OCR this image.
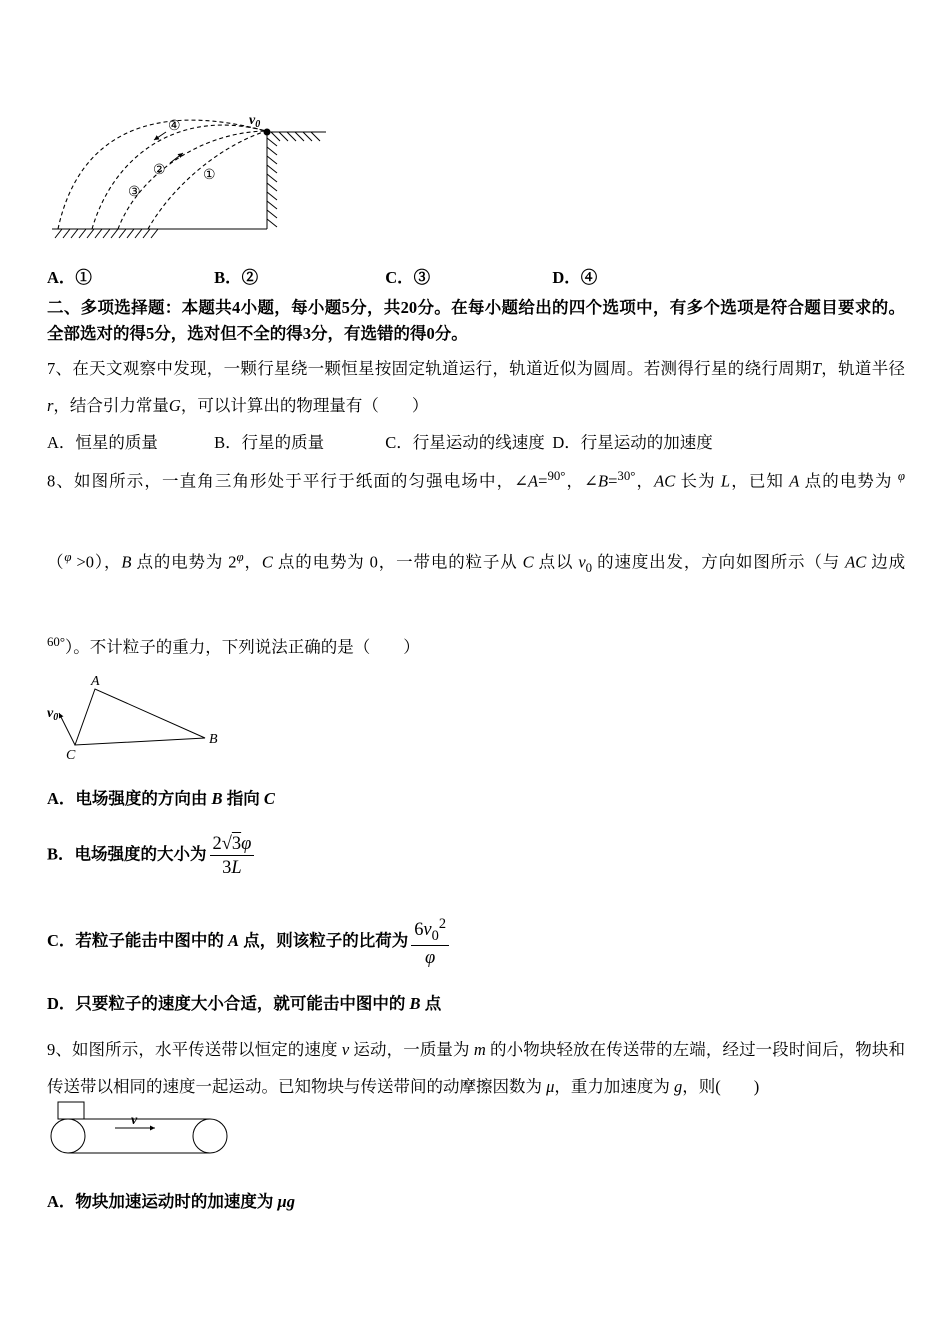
④
②
③
①
$v_0$
A．①	B．②	C．③	D．④
二、多项选择题：本题共4小题，每小题5分，共20分。在每小题给出的四个选项中，有多个选项是符合题目要求的。
全部选对的得5分，选对但不全的得3分，有选错的得0分。
7、在天文观察中发现，一颗行星绕一颗恒星按固定轨道运行，轨道近似为圆周。若测得行星的绕行周期T，轨道半径
r，结合引力常量G，可以计算出的物理量有（　　）
A．恒星的质量	B．行星的质量	C．行星运动的线速度 D．行星运动的加速度
8、如图所示，一直角三角形处于平行于纸面的匀强电场中，∠A=$^{90^\circ}$，∠B=$^{30^\circ}$，AC 长为 L，已知 A 点的电势为 $^\varphi$
（$^\varphi$ >0），B 点的电势为 $2^\varphi$，C 点的电势为 0，一带电的粒子从 C 点以 $v_0$ 的速度出发，方向如图所示（与 AC 边成
$^{60^\circ}$）。不计粒子的重力，下列说法正确的是（　　）
A
B
C
$v_0$
A．电场强度的方向由 B 指向 C
B．电场强度的大小为 $\frac{2√3\varphi}{3L}$
C．若粒子能击中图中的 A 点，则该粒子的比荷为 $\frac{6v_0^2}{\varphi}$
D．只要粒子的速度大小合适，就可能击中图中的 B 点
9、如图所示，水平传送带以恒定的速度 v 运动，一质量为 m 的小物块轻放在传送带的左端，经过一段时间后，物块和
传送带以相同的速度一起运动。已知物块与传送带间的动摩擦因数为 μ，重力加速度为 g，则(　　)
v
A．物块加速运动时的加速度为 μg
